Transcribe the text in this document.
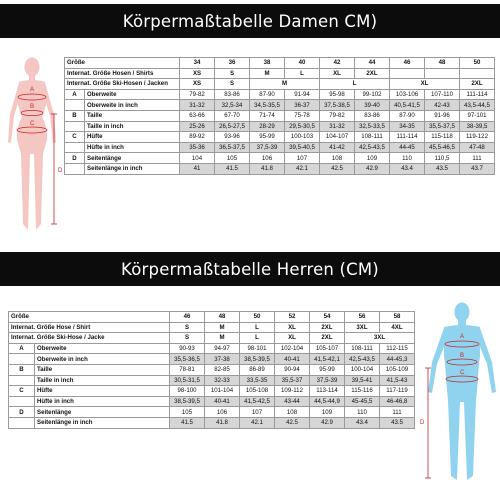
Körpermaßtabelle Damen CM)
A
B
C
D
Größe		34	36	38	40	42	44	46	48	50
Internat. Größe Hosen / Shirts		XS	S	M	L	XL	2XL			
Internat. Größe Ski-Hosen / Jacken		XS	S	M		L		XL		2XL
A	Oberweite	79-82	83-86	87-90	91-94	95-98	99-102	103-106	107-110	111-114
	Oberweite in inch	31-32	32,5-34	34,5-35,5	36-37	37,5-38,5	39-40	40,5-41,5	42-43	43,5-44,5
B	Taille	63-66	67-70	71-74	75-78	79-82	83-86	87-90	91-96	97-101
	Taille in inch	25-26	26,5-27,5	28-29	29,5-30,5	31-32	32,5-33,5	34-35	35,5-37,5	38-39,5
C	Hüfte	89-92	93-96	95-99	100-103	104-107	108-111	111-114	115-118	119-122
	Hüfte in inch	35-36	36,5-37,5	37,5-39	39,5-40,5	41-42	42,5-43,5	44-45	45,5-46,5	47-48
D	Seitenlänge	104	105	106	107	108	109	110	110,5	111
	Seitenlänge in inch	41	41.5	41.8	42.1	42.5	42.9	43.4	43.5	43.7
Körpermaßtabelle Herren (CM)
Größe		46	48	50	52	54	56	58
Internat. Größe Hose / Shirt		S	M	L	XL	2XL	3XL	4XL
Internat. Größe Ski-Hose / Jacke		S	M	L	XL	2XL	3XL	
A	Oberweite	90-93	94-97	98-101	102-104	105-107	108-111	112-115
	Oberweite in inch	35,5-36,5	37-38	38,5-39,5	40-41	41,5-42,1	42,5-43,5	44-45,3
B	Taille	78-81	82-85	86-89	90-94	95-99	100-104	105-109
	Taille in inch	30,5-31,5	32-33	33,5-35	35,5-37	37,5-39	39,5-41	41,5-43
C	Hüfte	98-100	101-104	105-108	109-112	113-114	115-116	117-119
	Hüfte in inch	38,5-39,5	40-41	41,5-42,5	43-44	44,5-44,9	45-45,5	46-46,8
D	Seitenlänge	105	106	107	108	109	110	111
	Seitenlänge in inch	41.5	41.8	42.1	42.5	42.9	43.4	43.5
A
B
C
D
